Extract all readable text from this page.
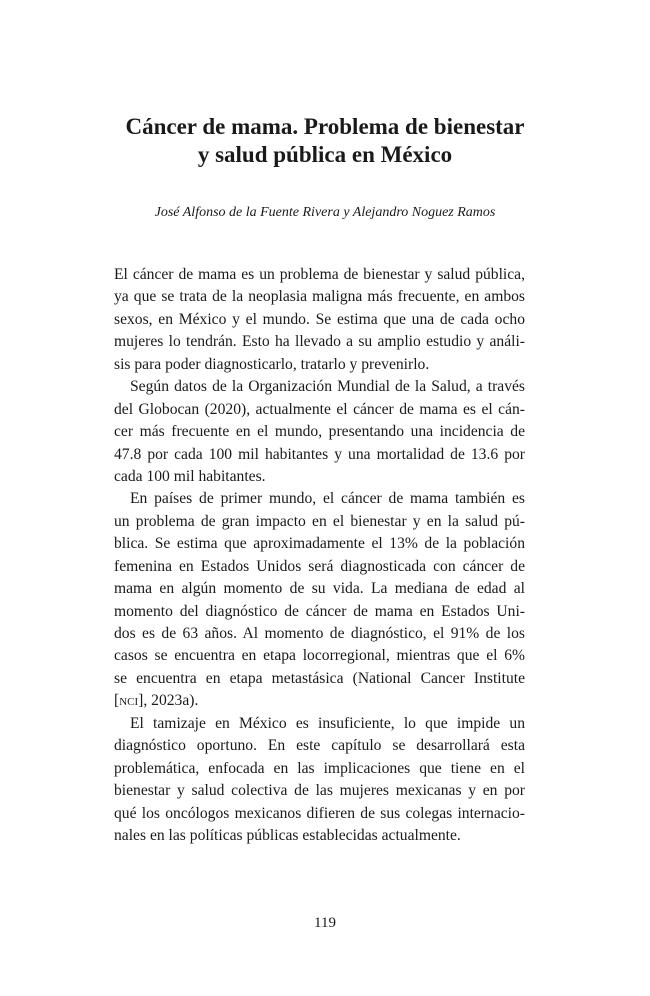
Cáncer de mama. Problema de bienestar
y salud pública en México
José Alfonso de la Fuente Rivera y Alejandro Noguez Ramos
El cáncer de mama es un problema de bienestar y salud pública,
ya que se trata de la neoplasia maligna más frecuente, en ambos
sexos, en México y el mundo. Se estima que una de cada ocho
mujeres lo tendrán. Esto ha llevado a su amplio estudio y análi-
sis para poder diagnosticarlo, tratarlo y prevenirlo.
Según datos de la Organización Mundial de la Salud, a través
del Globocan (2020), actualmente el cáncer de mama es el cán-
cer más frecuente en el mundo, presentando una incidencia de
47.8 por cada 100 mil habitantes y una mortalidad de 13.6 por
cada 100 mil habitantes.
En países de primer mundo, el cáncer de mama también es
un problema de gran impacto en el bienestar y en la salud pú-
blica. Se estima que aproximadamente el 13% de la población
femenina en Estados Unidos será diagnosticada con cáncer de
mama en algún momento de su vida. La mediana de edad al
momento del diagnóstico de cáncer de mama en Estados Uni-
dos es de 63 años. Al momento de diagnóstico, el 91% de los
casos se encuentra en etapa locorregional, mientras que el 6%
se encuentra en etapa metastásica (National Cancer Institute
[nci], 2023a).
El tamizaje en México es insuficiente, lo que impide un
diagnóstico oportuno. En este capítulo se desarrollará esta
problemática, enfocada en las implicaciones que tiene en el
bienestar y salud colectiva de las mujeres mexicanas y en por
qué los oncólogos mexicanos difieren de sus colegas internacio-
nales en las políticas públicas establecidas actualmente.
119
